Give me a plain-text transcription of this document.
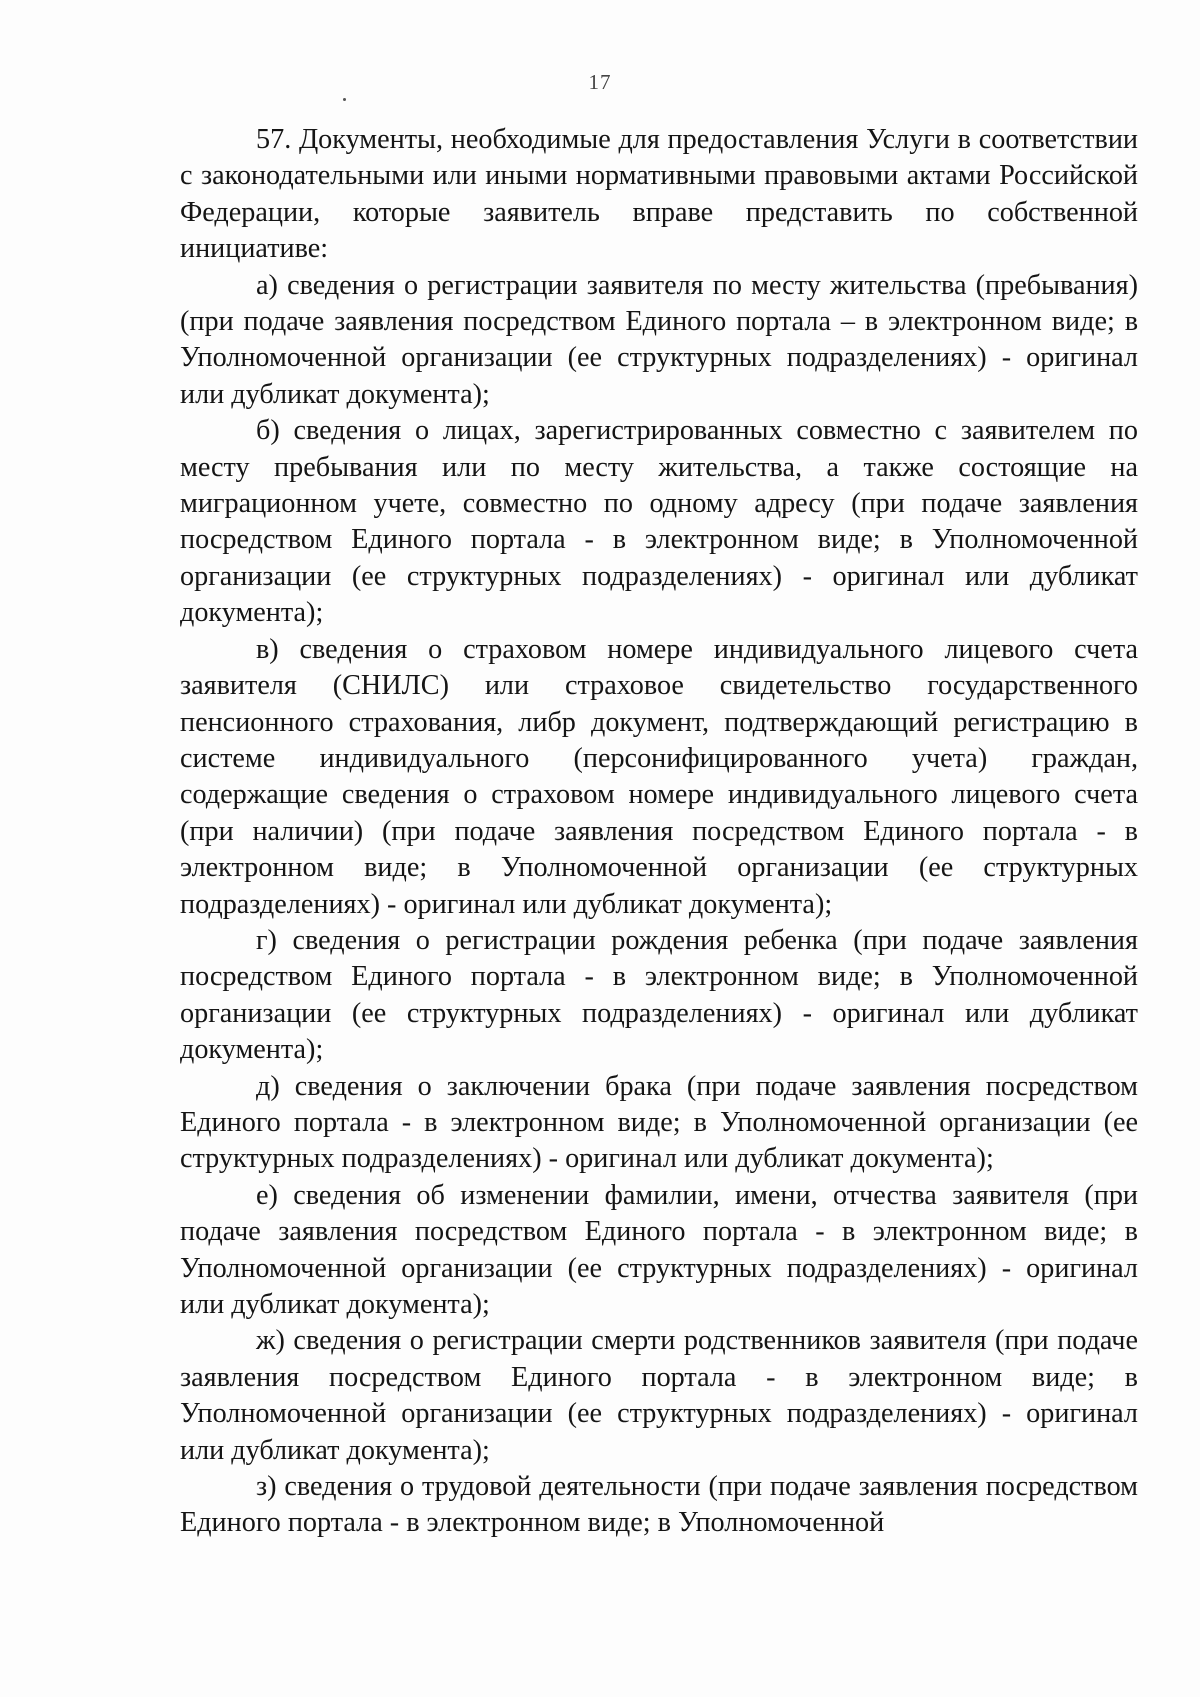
17

57. Документы, необходимые для предоставления Услуги в соответствии с законодательными или иными нормативными правовыми актами Российской Федерации, которые заявитель вправе представить по собственной инициативе:

а) сведения о регистрации заявителя по месту жительства (пребывания) (при подаче заявления посредством Единого портала – в электронном виде; в Уполномоченной организации (ее структурных подразделениях) - оригинал или дубликат документа);

б) сведения о лицах, зарегистрированных совместно с заявителем по месту пребывания или по месту жительства, а также состоящие на миграционном учете, совместно по одному адресу (при подаче заявления посредством Единого портала - в электронном виде; в Уполномоченной организации (ее структурных подразделениях) - оригинал или дубликат документа);

в) сведения о страховом номере индивидуального лицевого счета заявителя (СНИЛС) или страховое свидетельство государственного пенсионного страхования, либр документ, подтверждающий регистрацию в системе индивидуального (персонифицированного учета) граждан, содержащие сведения о страховом номере индивидуального лицевого счета (при наличии) (при подаче заявления посредством Единого портала - в электронном виде; в Уполномоченной организации (ее структурных подразделениях) - оригинал или дубликат документа);

г) сведения о регистрации рождения ребенка (при подаче заявления посредством Единого портала - в электронном виде; в Уполномоченной организации (ее структурных подразделениях) - оригинал или дубликат документа);

д) сведения о заключении брака (при подаче заявления посредством Единого портала - в электронном виде; в Уполномоченной организации (ее структурных подразделениях) - оригинал или дубликат документа);

е) сведения об изменении фамилии, имени, отчества заявителя (при подаче заявления посредством Единого портала - в электронном виде; в Уполномоченной организации (ее структурных подразделениях) - оригинал или дубликат документа);

ж) сведения о регистрации смерти родственников заявителя (при подаче заявления посредством Единого портала - в электронном виде; в Уполномоченной организации (ее структурных подразделениях) - оригинал или дубликат документа);

з) сведения о трудовой деятельности (при подаче заявления посредством Единого портала - в электронном виде; в Уполномоченной
